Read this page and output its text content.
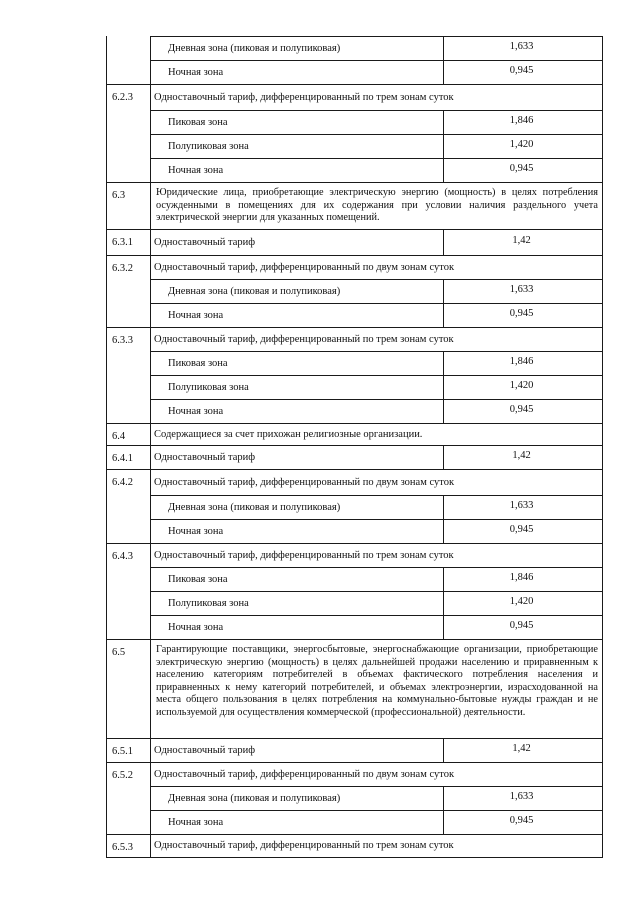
Дневная зона (пиковая и полупиковая)	1,633
Ночная зона	0,945
6.2.3 Одноставочный тариф, дифференцированный по трем зонам суток
Пиковая зона	1,846
Полупиковая зона	1,420
Ночная зона	0,945
6.3	Юридические лица, приобретающие электрическую энергию (мощность) в целях потребления осужденными в помещениях для их содержания при условии наличия раздельного учета электрической энергии для указанных помещений.
6.3.1 Одноставочный тариф	1,42
6.3.2 Одноставочный тариф, дифференцированный по двум зонам суток
Дневная зона (пиковая и полупиковая)	1,633
Ночная зона	0,945
6.3.3 Одноставочный тариф, дифференцированный по трем зонам суток
Пиковая зона	1,846
Полупиковая зона	1,420
Ночная зона	0,945
6.4	Содержащиеся за счет прихожан религиозные организации.
6.4.1 Одноставочный тариф	1,42
6.4.2 Одноставочный тариф, дифференцированный по двум зонам суток
Дневная зона (пиковая и полупиковая)	1,633
Ночная зона	0,945
6.4.3 Одноставочный тариф, дифференцированный по трем зонам суток
Пиковая зона	1,846
Полупиковая зона	1,420
Ночная зона	0,945
6.5	Гарантирующие поставщики, энергосбытовые, энергоснабжающие организации, приобретающие электрическую энергию (мощность) в целях дальнейшей продажи населению и приравненным к населению категориям потребителей в объемах фактического потребления населения и приравненных к нему категорий потребителей, и объемах электроэнергии, израсходованной на места общего пользования в целях потребления на коммунально-бытовые нужды граждан и не используемой для осуществления коммерческой (профессиональной) деятельности.
6.5.1 Одноставочный тариф	1,42
6.5.2 Одноставочный тариф, дифференцированный по двум зонам суток
Дневная зона (пиковая и полупиковая)	1,633
Ночная зона	0,945
6.5.3 Одноставочный тариф, дифференцированный по трем зонам суток
